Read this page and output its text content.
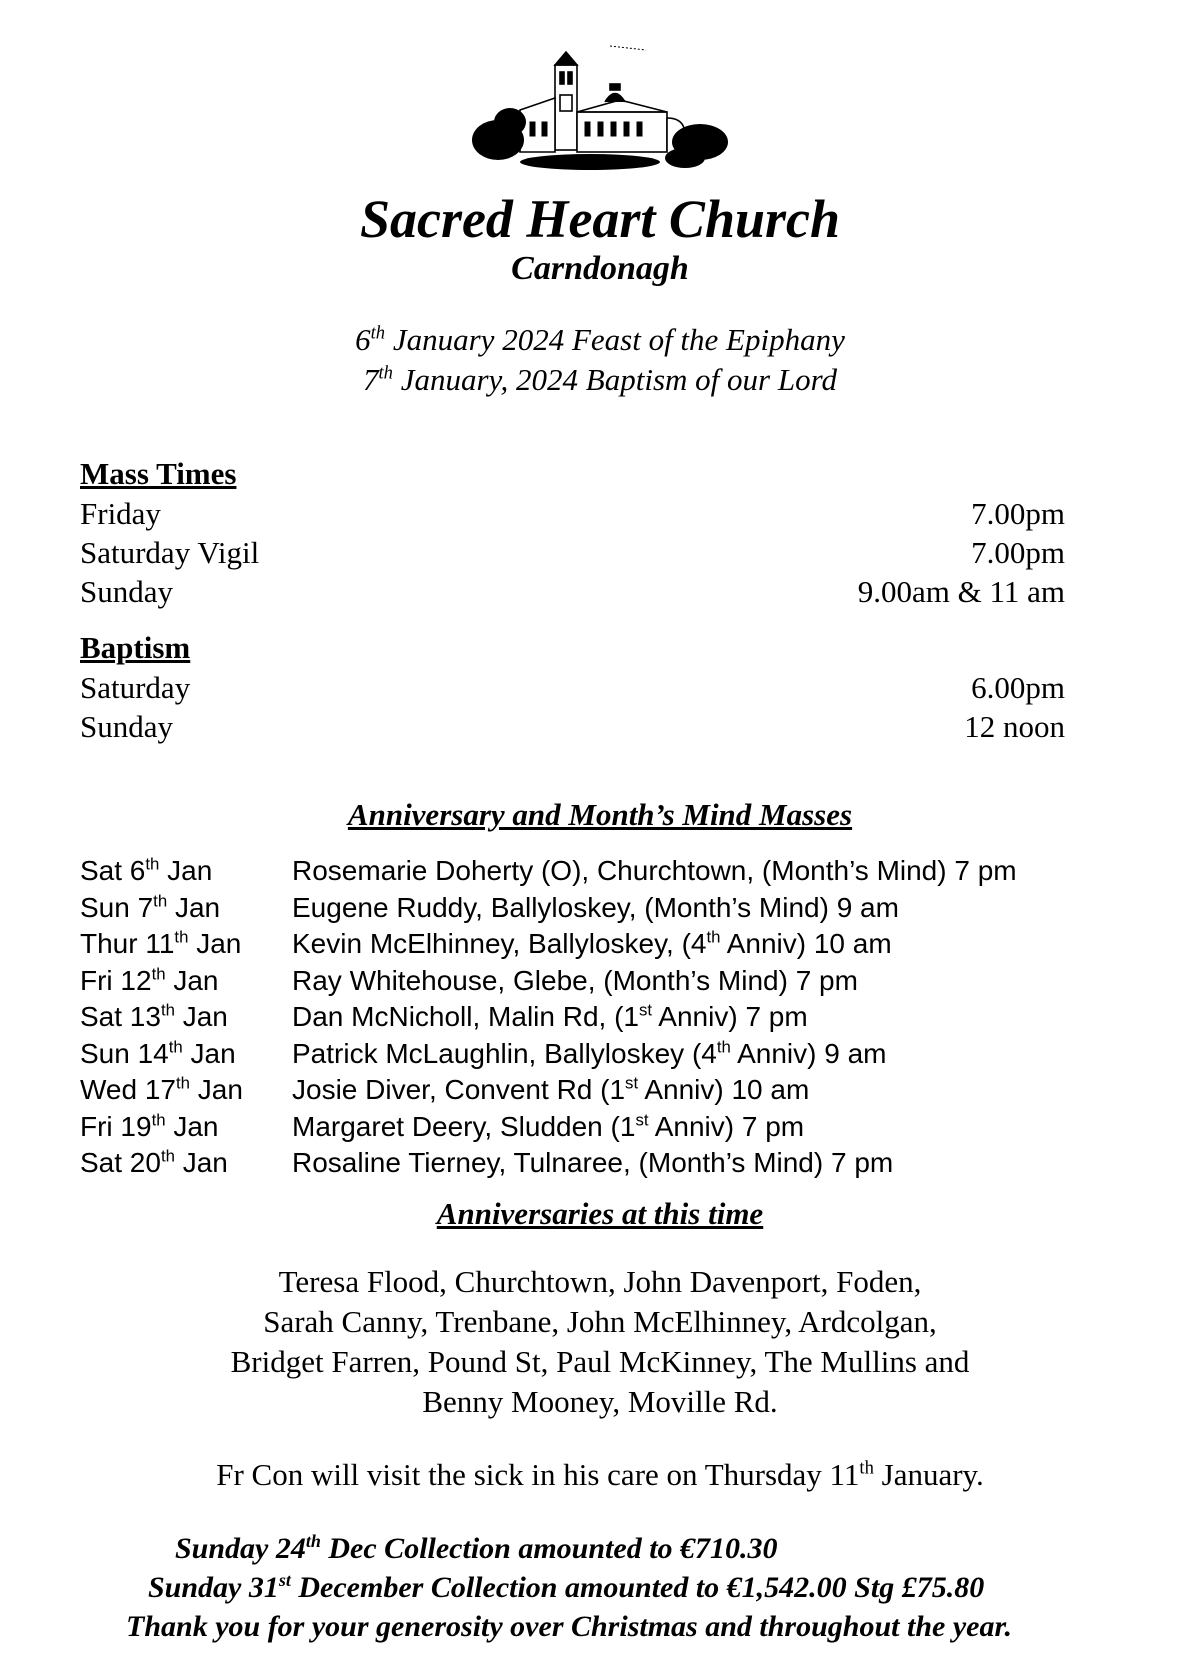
Sacred Heart Church
Carndonagh
6th January 2024 Feast of the Epiphany
7th January, 2024 Baptism of our Lord
Mass Times
Friday	7.00pm
Saturday Vigil	7.00pm
Sunday	9.00am & 11 am
Baptism
Saturday	6.00pm
Sunday	12 noon
Anniversary and Month’s Mind Masses
Sat 6th Jan	Rosemarie Doherty (O), Churchtown, (Month’s Mind) 7 pm
Sun 7th Jan	Eugene Ruddy, Ballyloskey, (Month’s Mind) 9 am
Thur 11th Jan	Kevin McElhinney, Ballyloskey, (4th Anniv) 10 am
Fri 12th Jan	Ray Whitehouse, Glebe, (Month’s Mind) 7 pm
Sat 13th Jan	Dan McNicholl, Malin Rd, (1st Anniv) 7 pm
Sun 14th Jan	Patrick McLaughlin, Ballyloskey (4th Anniv) 9 am
Wed 17th Jan	Josie Diver, Convent Rd (1st Anniv) 10 am
Fri 19th Jan	Margaret Deery, Sludden (1st Anniv) 7 pm
Sat 20th Jan	Rosaline Tierney, Tulnaree, (Month’s Mind) 7 pm
Anniversaries at this time
Teresa Flood, Churchtown, John Davenport, Foden,
Sarah Canny, Trenbane, John McElhinney, Ardcolgan,
Bridget Farren, Pound St, Paul McKinney, The Mullins and
Benny Mooney, Moville Rd.
Fr Con will visit the sick in his care on Thursday 11th January.
Sunday 24th Dec Collection amounted to €710.30
Sunday 31st December Collection amounted to €1,542.00 Stg £75.80
Thank you for your generosity over Christmas and throughout the year.
